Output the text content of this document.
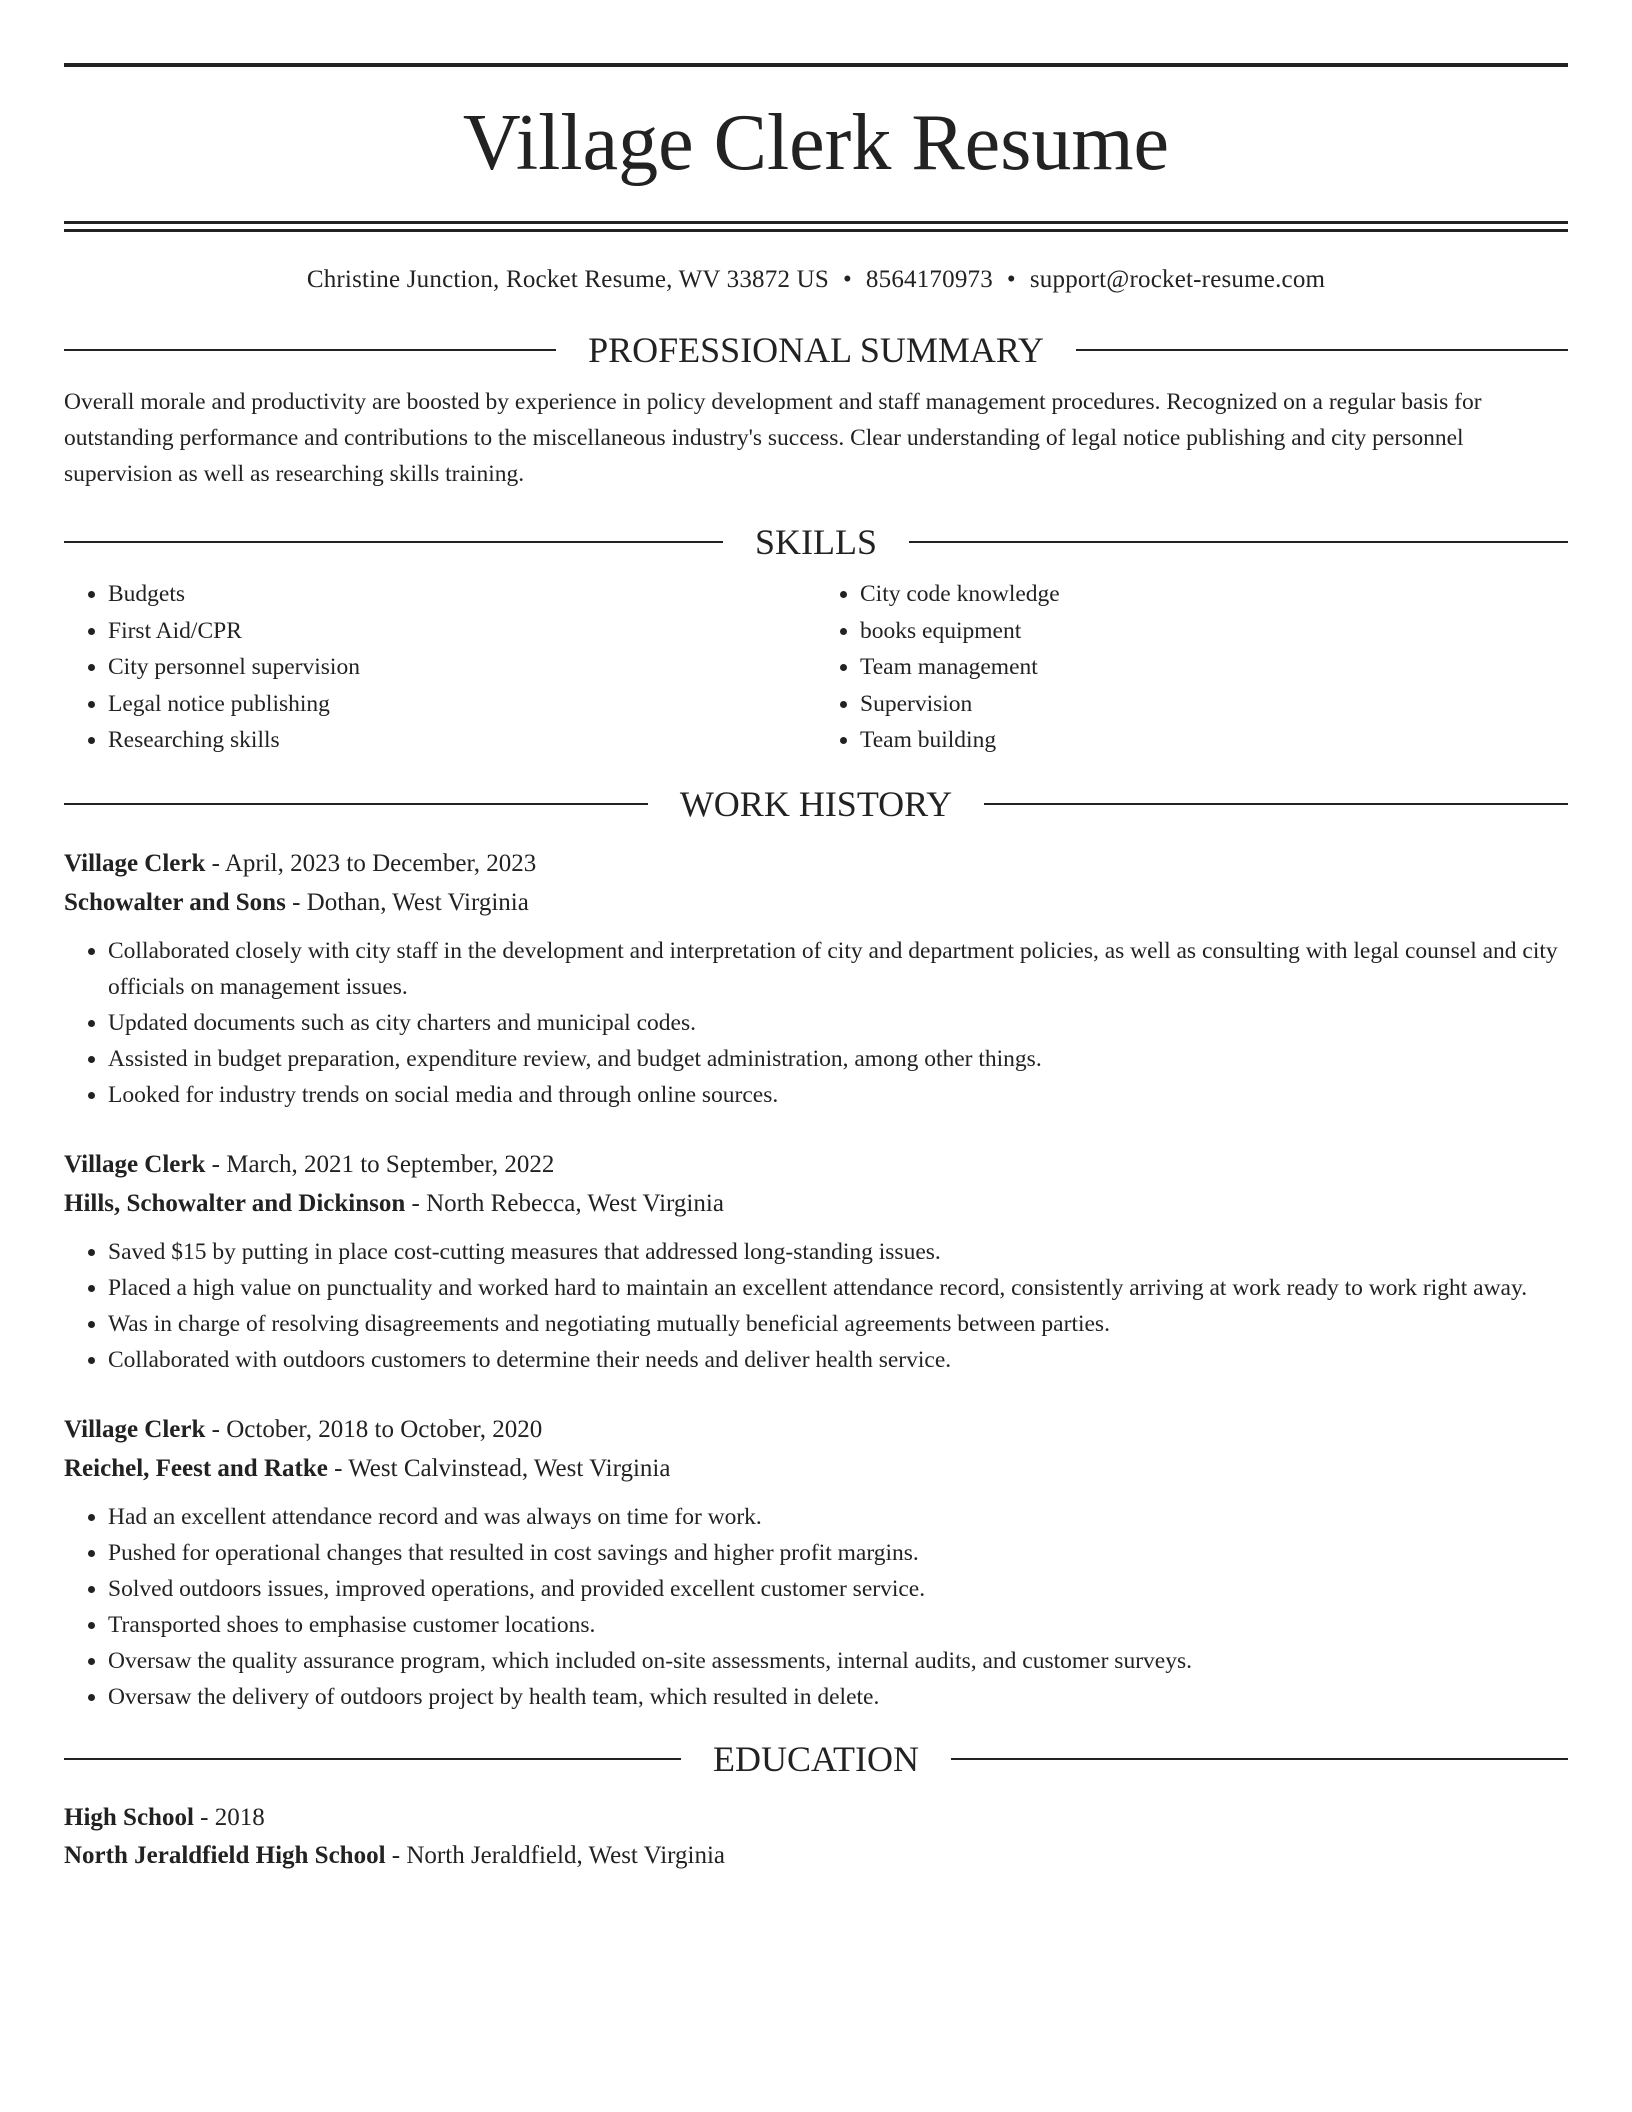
Village Clerk Resume
Christine Junction, Rocket Resume, WV 33872 US • 8564170973 • support@rocket-resume.com
PROFESSIONAL SUMMARY
Overall morale and productivity are boosted by experience in policy development and staff management procedures. Recognized on a regular basis for outstanding performance and contributions to the miscellaneous industry's success. Clear understanding of legal notice publishing and city personnel supervision as well as researching skills training.
SKILLS
• Budgets
• First Aid/CPR
• City personnel supervision
• Legal notice publishing
• Researching skills
• City code knowledge
• books equipment
• Team management
• Supervision
• Team building
WORK HISTORY
Village Clerk - April, 2023 to December, 2023
Schowalter and Sons - Dothan, West Virginia
• Collaborated closely with city staff in the development and interpretation of city and department policies, as well as consulting with legal counsel and city officials on management issues.
• Updated documents such as city charters and municipal codes.
• Assisted in budget preparation, expenditure review, and budget administration, among other things.
• Looked for industry trends on social media and through online sources.
Village Clerk - March, 2021 to September, 2022
Hills, Schowalter and Dickinson - North Rebecca, West Virginia
• Saved $15 by putting in place cost-cutting measures that addressed long-standing issues.
• Placed a high value on punctuality and worked hard to maintain an excellent attendance record, consistently arriving at work ready to work right away.
• Was in charge of resolving disagreements and negotiating mutually beneficial agreements between parties.
• Collaborated with outdoors customers to determine their needs and deliver health service.
Village Clerk - October, 2018 to October, 2020
Reichel, Feest and Ratke - West Calvinstead, West Virginia
• Had an excellent attendance record and was always on time for work.
• Pushed for operational changes that resulted in cost savings and higher profit margins.
• Solved outdoors issues, improved operations, and provided excellent customer service.
• Transported shoes to emphasise customer locations.
• Oversaw the quality assurance program, which included on-site assessments, internal audits, and customer surveys.
• Oversaw the delivery of outdoors project by health team, which resulted in delete.
EDUCATION
High School - 2018
North Jeraldfield High School - North Jeraldfield, West Virginia
